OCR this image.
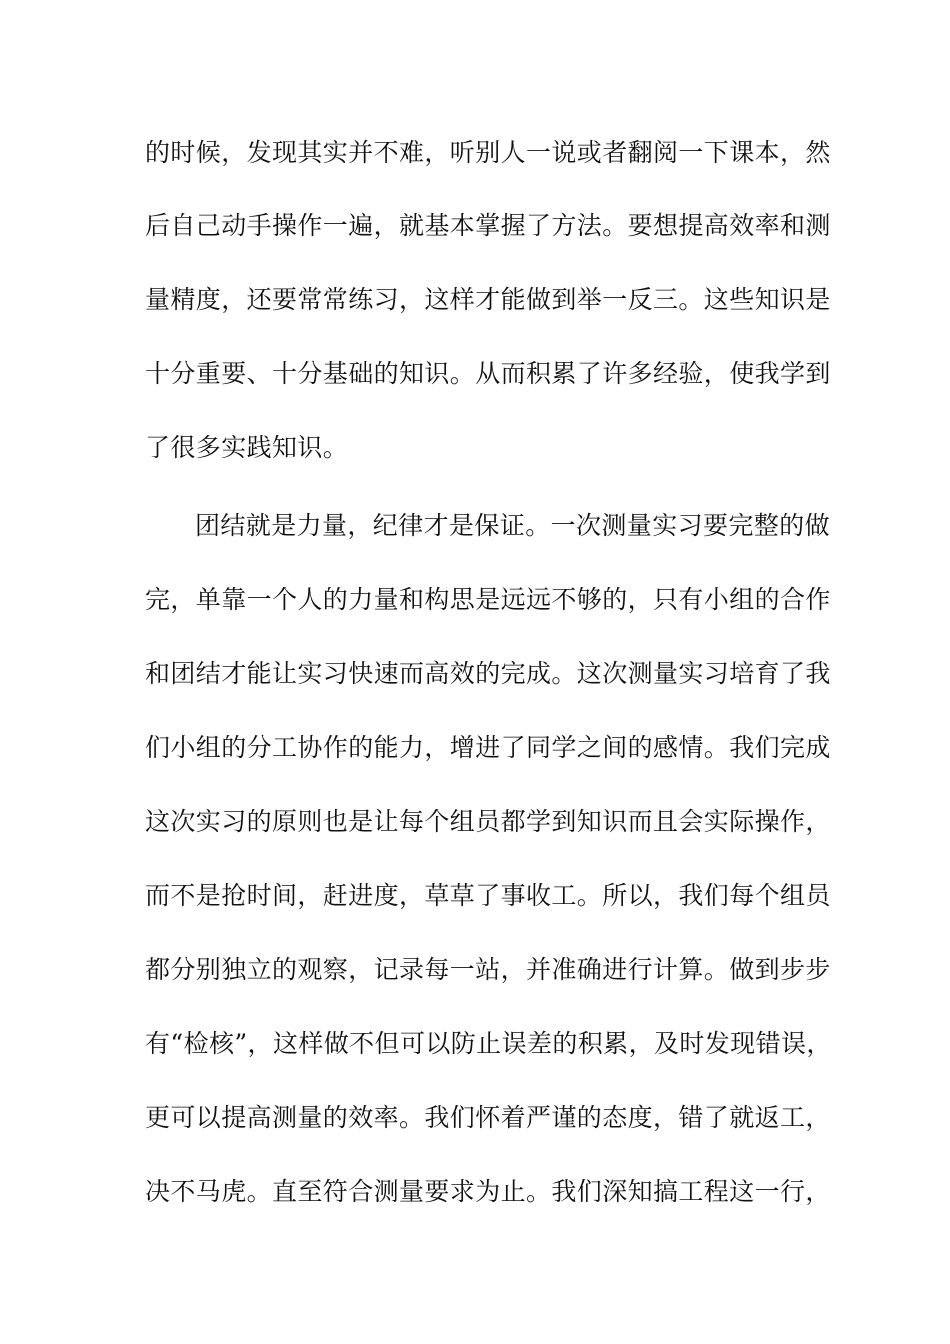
的时候，发现其实并不难，听别人一说或者翻阅一下课本，然
后自己动手操作一遍，就基本掌握了方法。要想提高效率和测
量精度，还要常常练习，这样才能做到举一反三。这些知识是
十分重要、十分基础的知识。从而积累了许多经验，使我学到
了很多实践知识。
团结就是力量，纪律才是保证。一次测量实习要完整的做
完，单靠一个人的力量和构思是远远不够的，只有小组的合作
和团结才能让实习快速而高效的完成。这次测量实习培育了我
们小组的分工协作的能力，增进了同学之间的感情。我们完成
这次实习的原则也是让每个组员都学到知识而且会实际操作，
而不是抢时间，赶进度，草草了事收工。所以，我们每个组员
都分别独立的观察，记录每一站，并准确进行计算。做到步步
有“检核”，这样做不但可以防止误差的积累，及时发现错误，
更可以提高测量的效率。我们怀着严谨的态度，错了就返工，
决不马虎。直至符合测量要求为止。我们深知搞工程这一行，
